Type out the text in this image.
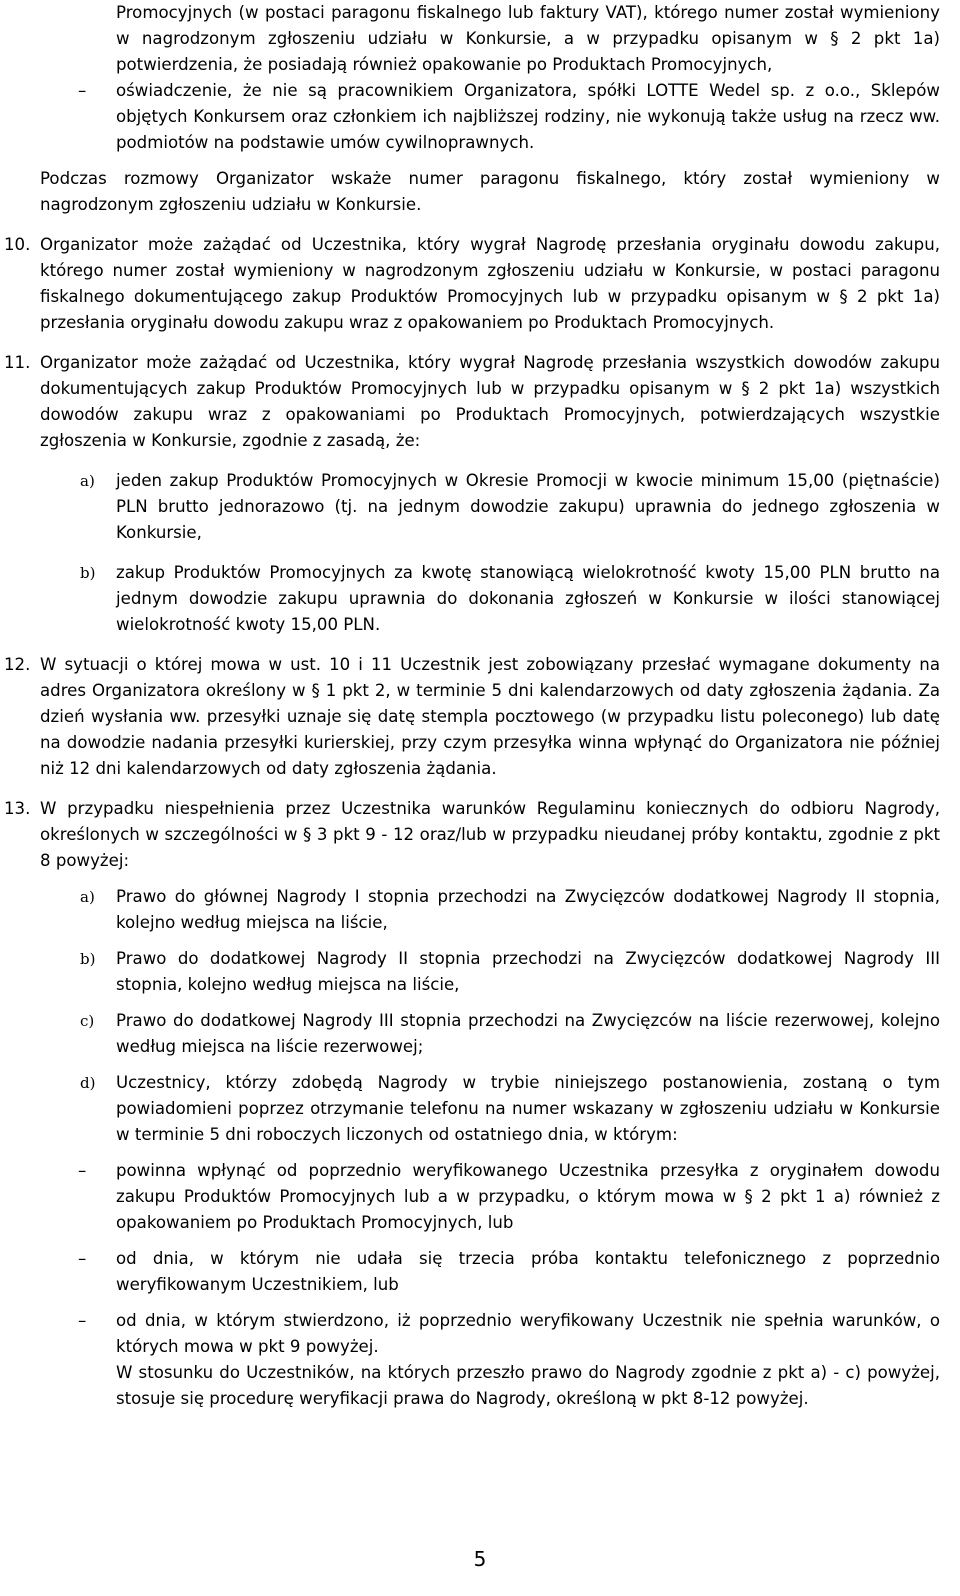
Promocyjnych (w postaci paragonu fiskalnego lub faktury VAT), którego numer został wymieniony w nagrodzonym zgłoszeniu udziału w Konkursie, a w przypadku opisanym w § 2 pkt 1a) potwierdzenia, że posiadają również opakowanie po Produktach Promocyjnych,

–	oświadczenie, że nie są pracownikiem Organizatora, spółki LOTTE Wedel sp. z o.o., Sklepów objętych Konkursem oraz członkiem ich najbliższej rodziny, nie wykonują także usług na rzecz ww. podmiotów na podstawie umów cywilnoprawnych.

Podczas rozmowy Organizator wskaże numer paragonu fiskalnego, który został wymieniony w nagrodzonym zgłoszeniu udziału w Konkursie.

10. Organizator może zażądać od Uczestnika, który wygrał Nagrodę przesłania oryginału dowodu zakupu, którego numer został wymieniony w nagrodzonym zgłoszeniu udziału w Konkursie, w postaci paragonu fiskalnego dokumentującego zakup Produktów Promocyjnych lub w przypadku opisanym w § 2 pkt 1a) przesłania oryginału dowodu zakupu wraz z opakowaniem po Produktach Promocyjnych.

11. Organizator może zażądać od Uczestnika, który wygrał Nagrodę przesłania wszystkich dowodów zakupu dokumentujących zakup Produktów Promocyjnych lub w przypadku opisanym w § 2 pkt 1a) wszystkich dowodów zakupu wraz z opakowaniami po Produktach Promocyjnych, potwierdzających wszystkie zgłoszenia w Konkursie, zgodnie z zasadą, że:

a)	jeden zakup Produktów Promocyjnych w Okresie Promocji w kwocie minimum 15,00 (piętnaście) PLN brutto jednorazowo (tj. na jednym dowodzie zakupu) uprawnia do jednego zgłoszenia w Konkursie,

b)	zakup Produktów Promocyjnych za kwotę stanowiącą wielokrotność kwoty 15,00 PLN brutto na jednym dowodzie zakupu uprawnia do dokonania zgłoszeń w Konkursie w ilości stanowiącej wielokrotność kwoty 15,00 PLN.

12. W sytuacji o której mowa w ust. 10 i 11 Uczestnik jest zobowiązany przesłać wymagane dokumenty na adres Organizatora określony w § 1 pkt 2, w terminie 5 dni kalendarzowych od daty zgłoszenia żądania. Za dzień wysłania ww. przesyłki uznaje się datę stempla pocztowego (w przypadku listu poleconego) lub datę na dowodzie nadania przesyłki kurierskiej, przy czym przesyłka winna wpłynąć do Organizatora nie później niż 12 dni kalendarzowych od daty zgłoszenia żądania.

13. W przypadku niespełnienia przez Uczestnika warunków Regulaminu koniecznych do odbioru Nagrody, określonych w szczególności w § 3 pkt 9 - 12 oraz/lub w przypadku nieudanej próby kontaktu, zgodnie z pkt 8 powyżej:

a)	Prawo do głównej Nagrody I stopnia przechodzi na Zwycięzców dodatkowej Nagrody II stopnia, kolejno według miejsca na liście,

b)	Prawo do dodatkowej Nagrody II stopnia przechodzi na Zwycięzców dodatkowej Nagrody III stopnia, kolejno według miejsca na liście,

c)	Prawo do dodatkowej Nagrody III stopnia przechodzi na Zwycięzców na liście rezerwowej, kolejno według miejsca na liście rezerwowej;

d)	Uczestnicy, którzy zdobędą Nagrody w trybie niniejszego postanowienia, zostaną o tym powiadomieni poprzez otrzymanie telefonu na numer wskazany w zgłoszeniu udziału w Konkursie w terminie 5 dni roboczych liczonych od ostatniego dnia, w którym:

–	powinna wpłynąć od poprzednio weryfikowanego Uczestnika przesyłka z oryginałem dowodu zakupu Produktów Promocyjnych lub a w przypadku, o którym mowa w § 2 pkt 1 a) również z opakowaniem po Produktach Promocyjnych, lub

–	od dnia, w którym nie udała się trzecia próba kontaktu telefonicznego z poprzednio weryfikowanym Uczestnikiem, lub

–	od dnia, w którym stwierdzono, iż poprzednio weryfikowany Uczestnik nie spełnia warunków, o których mowa w pkt 9 powyżej.

W stosunku do Uczestników, na których przeszło prawo do Nagrody zgodnie z pkt a) - c) powyżej, stosuje się procedurę weryfikacji prawa do Nagrody, określoną w pkt 8-12 powyżej.

5
